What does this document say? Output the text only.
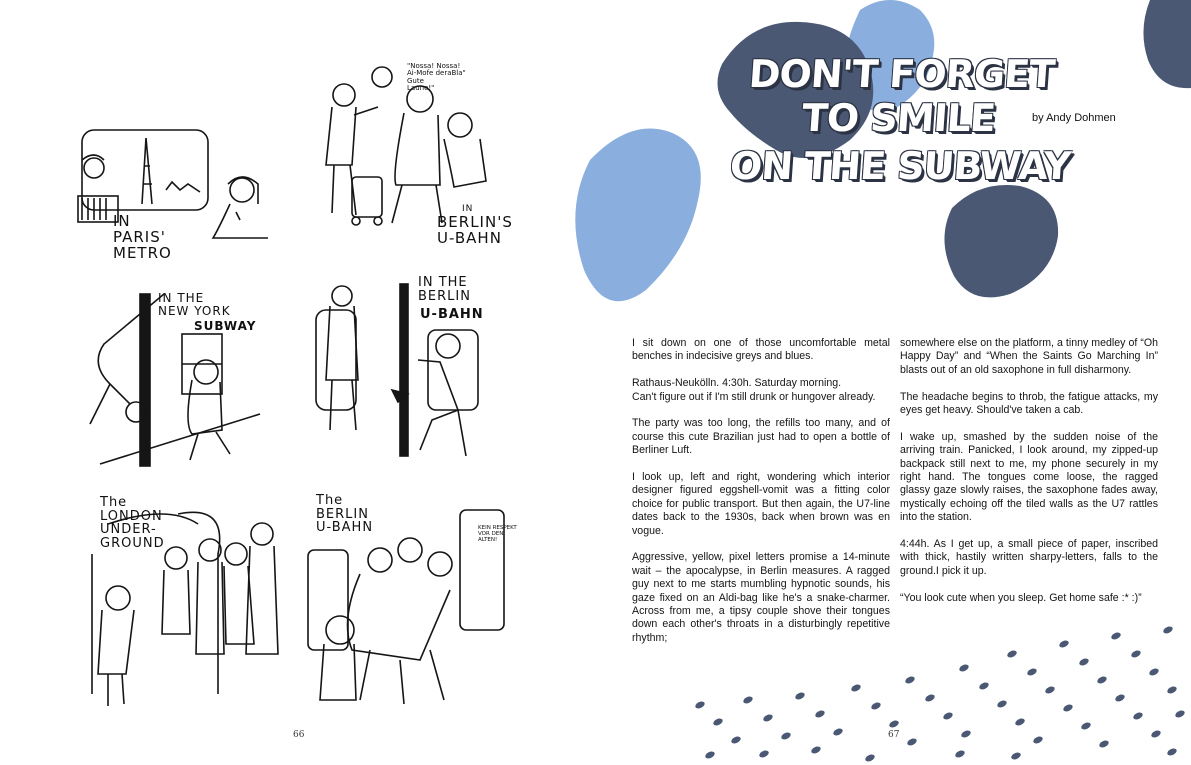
IN
PARIS'
METRO
"Nossa! Nossa!
Ai-Mofe deraBla"
Gute
Laune!"
IN
BERLIN'S
U-BAHN
IN THE
NEW YORK
SUBWAY
IN THE
BERLIN
U-BAHN
The
LONDON
UNDER-
GROUND
The
BERLIN
U-BAHN	KEIN RESPEKT
VOR DEN
ALTEN!
66
DON'T FORGET TO SMILE
ON THE SUBWAY
by Andy Dohmen

I sit down on one of those uncomfortable metal benches in indecisive greys and blues.

Rathaus-Neukölln. 4:30h. Saturday morning.
Can't figure out if I'm still drunk or hungover already.

The party was too long, the refills too many, and of course this cute Brazilian just had to open a bottle of Berliner Luft.

I look up, left and right, wondering which interior designer figured eggshell-vomit was a fitting color choice for public transport. But then again, the U7-line dates back to the 1930s, back when brown was en vogue.

Aggressive, yellow, pixel letters promise a 14-minute wait – the apocalypse, in Berlin measures. A ragged guy next to me starts mumbling hypnotic sounds, his gaze fixed on an Aldi-bag like he's a snake-charmer. Across from me, a tipsy couple shove their tongues down each other's throats in a disturbingly repetitive rhythm;

somewhere else on the platform, a tinny medley of “Oh Happy Day” and “When the Saints Go Marching In” blasts out of an old saxophone in full disharmony.

The headache begins to throb, the fatigue attacks, my eyes get heavy. Should've taken a cab.

I wake up, smashed by the sudden noise of the arriving train. Panicked, I look around, my zipped-up backpack still next to me, my phone securely in my right hand. The tongues come loose, the ragged glassy gaze slowly raises, the saxophone fades away, mystically echoing off the tiled walls as the U7 rattles into the station.

4:44h. As I get up, a small piece of paper, inscribed with thick, hastily written sharpy-letters, falls to the ground.I pick it up.

“You look cute when you sleep. Get home safe :* :)”

67
